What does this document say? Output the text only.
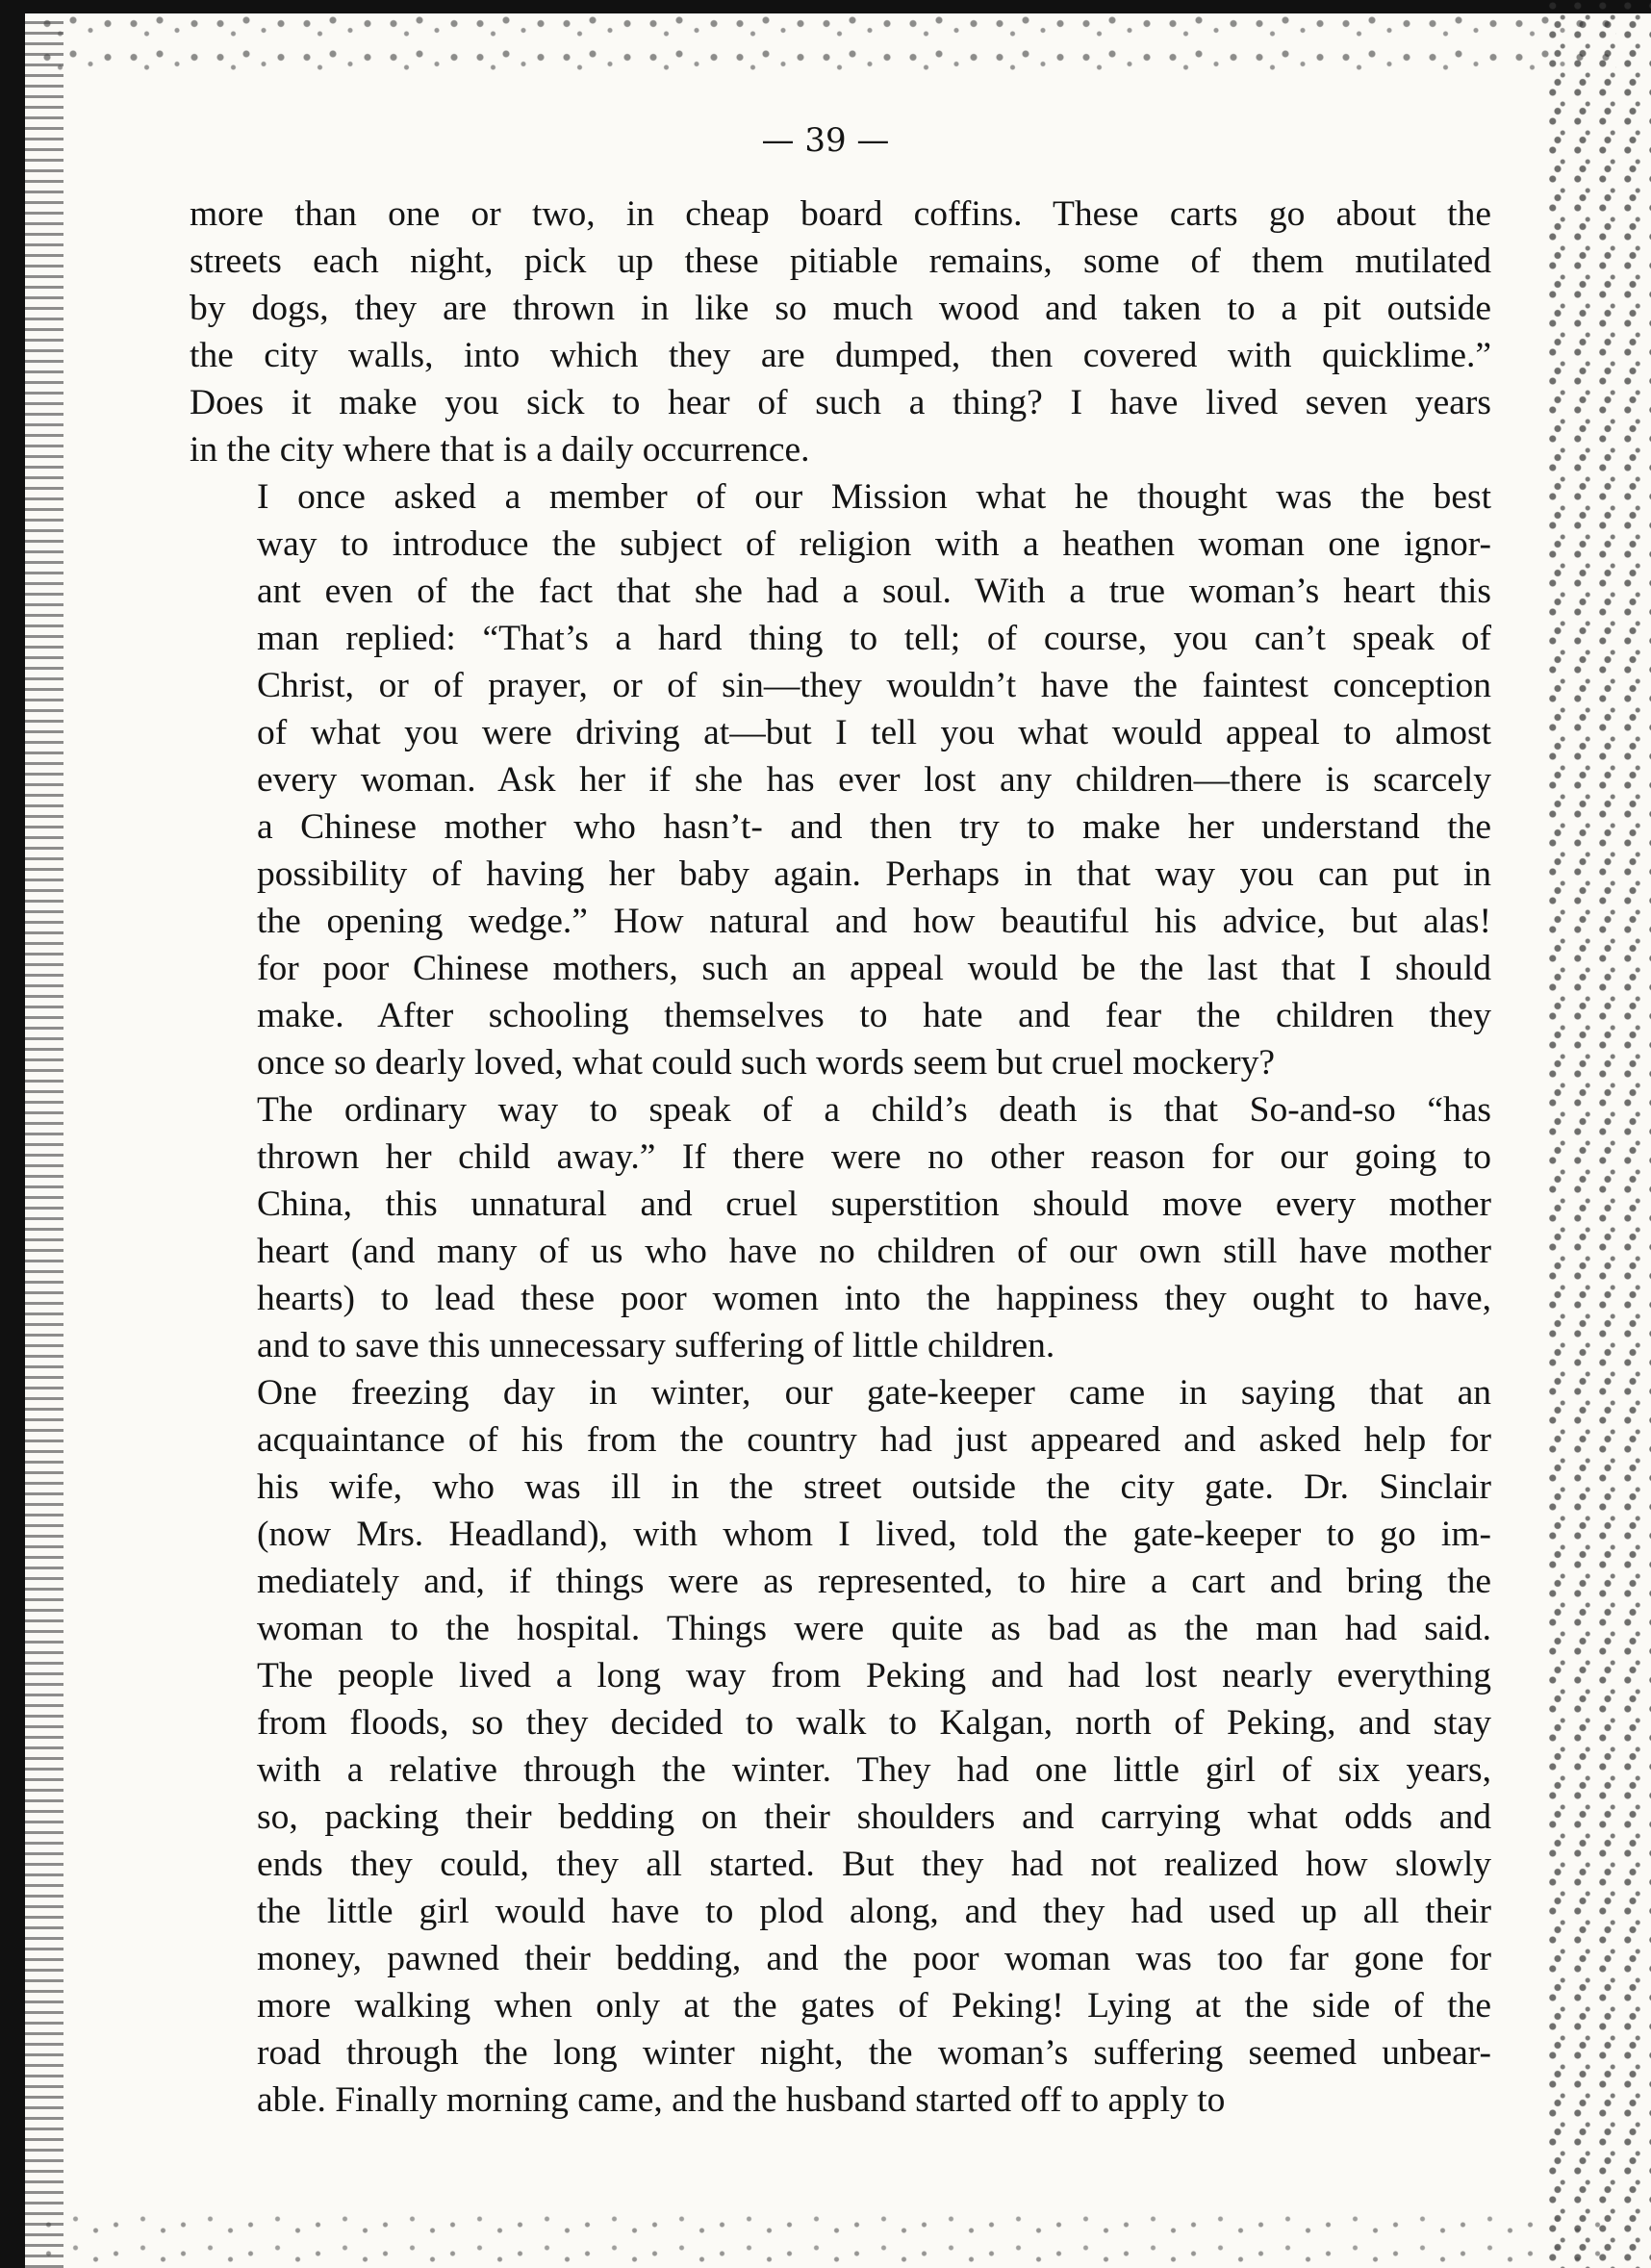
— 39 —

more than one or two, in cheap board coffins. These carts go about the
streets each night, pick up these pitiable remains, some of them mutilated
by dogs, they are thrown in like so much wood and taken to a pit outside
the city walls, into which they are dumped, then covered with quicklime.”
Does it make you sick to hear of such a thing? I have lived seven years
in the city where that is a daily occurrence.

I once asked a member of our Mission what he thought was the best
way to introduce the subject of religion with a heathen woman one ignor-
ant even of the fact that she had a soul. With a true woman’s heart this
man replied: “That’s a hard thing to tell; of course, you can’t speak of
Christ, or of prayer, or of sin—they wouldn’t have the faintest conception
of what you were driving at—but I tell you what would appeal to almost
every woman. Ask her if she has ever lost any children—there is scarcely
a Chinese mother who hasn’t- and then try to make her understand the
possibility of having her baby again. Perhaps in that way you can put in
the opening wedge.” How natural and how beautiful his advice, but alas!
for poor Chinese mothers, such an appeal would be the last that I should
make. After schooling themselves to hate and fear the children they
once so dearly loved, what could such words seem but cruel mockery?

The ordinary way to speak of a child’s death is that So-and-so “has
thrown her child away.” If there were no other reason for our going to
China, this unnatural and cruel superstition should move every mother
heart (and many of us who have no children of our own still have mother
hearts) to lead these poor women into the happiness they ought to have,
and to save this unnecessary suffering of little children.

One freezing day in winter, our gate-keeper came in saying that an
acquaintance of his from the country had just appeared and asked help for
his wife, who was ill in the street outside the city gate. Dr. Sinclair
(now Mrs. Headland), with whom I lived, told the gate-keeper to go im-
mediately and, if things were as represented, to hire a cart and bring the
woman to the hospital. Things were quite as bad as the man had said.
The people lived a long way from Peking and had lost nearly everything
from floods, so they decided to walk to Kalgan, north of Peking, and stay
with a relative through the winter. They had one little girl of six years,
so, packing their bedding on their shoulders and carrying what odds and
ends they could, they all started. But they had not realized how slowly
the little girl would have to plod along, and they had used up all their
money, pawned their bedding, and the poor woman was too far gone for
more walking when only at the gates of Peking! Lying at the side of the
road through the long winter night, the woman’s suffering seemed unbear-
able. Finally morning came, and the husband started off to apply to
